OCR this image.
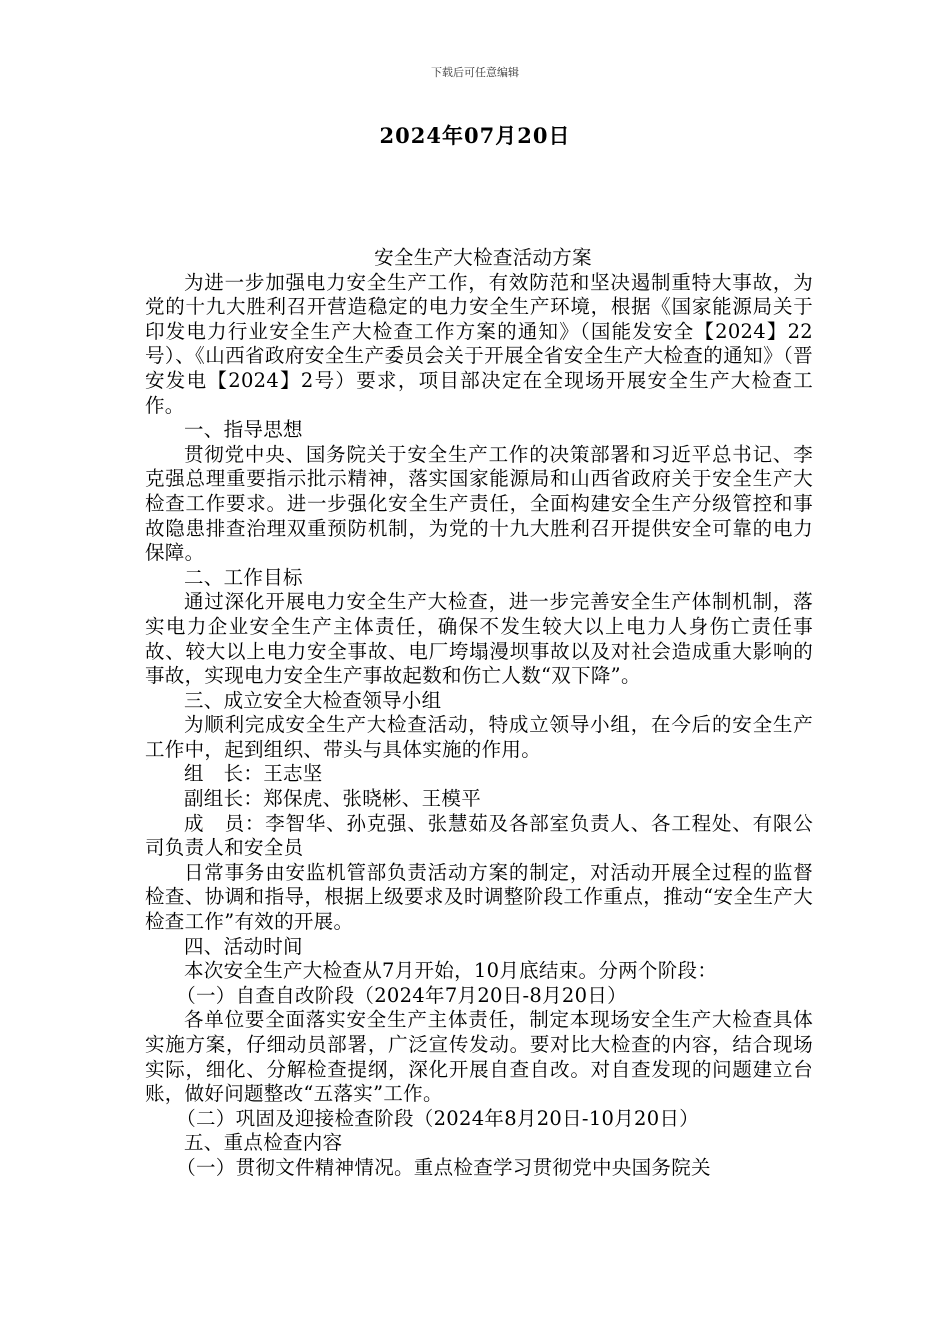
下载后可任意编辑
2024年07月20日

安全生产大检查活动方案

为进一步加强电力安全生产工作，有效防范和坚决遏制重特大事故，为党的十九大胜利召开营造稳定的电力安全生产环境，根据《国家能源局关于印发电力行业安全生产大检查工作方案的通知》（国能发安全【2024】22号）、《山西省政府安全生产委员会关于开展全省安全生产大检查的通知》（晋安发电【2024】2号）要求，项目部决定在全现场开展安全生产大检查工作。

一、指导思想

贯彻党中央、国务院关于安全生产工作的决策部署和习近平总书记、李克强总理重要指示批示精神，落实国家能源局和山西省政府关于安全生产大检查工作要求。进一步强化安全生产责任，全面构建安全生产分级管控和事故隐患排查治理双重预防机制，为党的十九大胜利召开提供安全可靠的电力保障。

二、工作目标

通过深化开展电力安全生产大检查，进一步完善安全生产体制机制，落实电力企业安全生产主体责任，确保不发生较大以上电力人身伤亡责任事故、较大以上电力安全事故、电厂垮塌漫坝事故以及对社会造成重大影响的事故，实现电力安全生产事故起数和伤亡人数“双下降”。

三、成立安全大检查领导小组

为顺利完成安全生产大检查活动，特成立领导小组，在今后的安全生产工作中，起到组织、带头与具体实施的作用。

组　长：王志坚

副组长：郑保虎、张晓彬、王模平

成　员：李智华、孙克强、张慧茹及各部室负责人、各工程处、有限公司负责人和安全员

日常事务由安监机管部负责活动方案的制定，对活动开展全过程的监督检查、协调和指导，根据上级要求及时调整阶段工作重点，推动“安全生产大检查工作”有效的开展。

四、活动时间

本次安全生产大检查从7月开始，10月底结束。分两个阶段：

（一）自查自改阶段（2024年7月20日-8月20日）

各单位要全面落实安全生产主体责任，制定本现场安全生产大检查具体实施方案，仔细动员部署，广泛宣传发动。要对比大检查的内容，结合现场实际，细化、分解检查提纲，深化开展自查自改。对自查发现的问题建立台账，做好问题整改“五落实”工作。

（二）巩固及迎接检查阶段（2024年8月20日-10月20日）

五、重点检查内容

（一）贯彻文件精神情况。重点检查学习贯彻党中央国务院关
